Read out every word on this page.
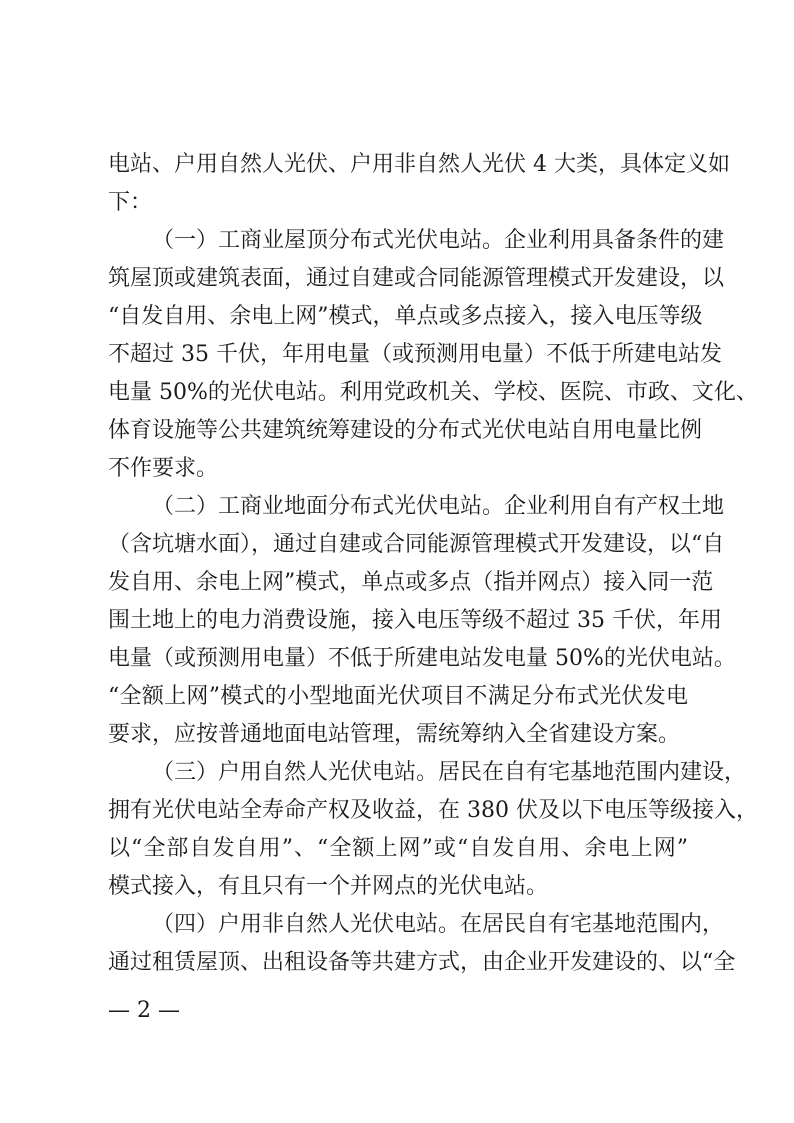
电站、户用自然人光伏、户用非自然人光伏 4 大类，具体定义如
下：
（一）工商业屋顶分布式光伏电站。企业利用具备条件的建
筑屋顶或建筑表面，通过自建或合同能源管理模式开发建设，以
“自发自用、余电上网”模式，单点或多点接入，接入电压等级
不超过 35 千伏，年用电量（或预测用电量）不低于所建电站发
电量 50%的光伏电站。利用党政机关、学校、医院、市政、文化、
体育设施等公共建筑统筹建设的分布式光伏电站自用电量比例
不作要求。
（二）工商业地面分布式光伏电站。企业利用自有产权土地
（含坑塘水面），通过自建或合同能源管理模式开发建设，以“自
发自用、余电上网”模式，单点或多点（指并网点）接入同一范
围土地上的电力消费设施，接入电压等级不超过 35 千伏，年用
电量（或预测用电量）不低于所建电站发电量 50%的光伏电站。
“全额上网”模式的小型地面光伏项目不满足分布式光伏发电
要求，应按普通地面电站管理，需统筹纳入全省建设方案。
（三）户用自然人光伏电站。居民在自有宅基地范围内建设，
拥有光伏电站全寿命产权及收益，在 380 伏及以下电压等级接入，
以“全部自发自用”、“全额上网”或“自发自用、余电上网”
模式接入，有且只有一个并网点的光伏电站。
（四）户用非自然人光伏电站。在居民自有宅基地范围内，
通过租赁屋顶、出租设备等共建方式，由企业开发建设的、以“全
— 2 —
